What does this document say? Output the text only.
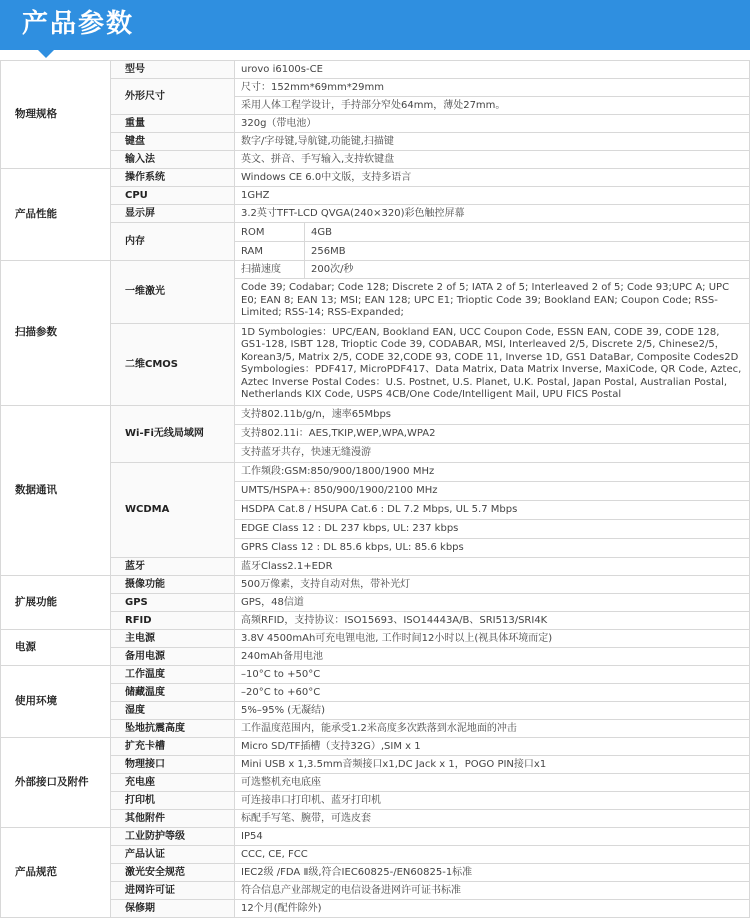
产品参数
物理规格	型号	urovo i6100s-CE	
	外形尺寸	尺寸：152mm*69mm*29mm	
		采用人体工程学设计，手持部分窄处64mm，薄处27mm。	
	重量	320g（带电池）	
	键盘	数字/字母键,导航键,功能键,扫描键	
	输入法	英文、拼音、手写输入,支持软键盘	
产品性能	操作系统	Windows CE 6.0中文版，支持多语言	
	CPU	1GHZ	
	显示屏	3.2英寸TFT-LCD QVGA(240×320)彩色触控屏幕	
	内存	ROM	4GB
		RAM	256MB
扫描参数	一维激光	扫描速度	200次/秒
		Code 39; Codabar; Code 128; Discrete 2 of 5; IATA 2 of 5; Interleaved 2 of 5; Code 93;UPC A; UPC E0; EAN 8; EAN 13; MSI; EAN 128; UPC E1; Trioptic Code 39; Bookland EAN; Coupon Code; RSS-Limited; RSS-14; RSS-Expanded;	
	二维CMOS	1D Symbologies：UPC/EAN, Bookland EAN, UCC Coupon Code, ESSN EAN, CODE 39, CODE 128, GS1-128, ISBT 128, Trioptic Code 39, CODABAR, MSI, Interleaved 2/5, Discrete 2/5, Chinese2/5，Korean3/5, Matrix 2/5, CODE 32,CODE 93, CODE 11, Inverse 1D, GS1 DataBar, Composite Codes2D Symbologies：PDF417, MicroPDF417、Data Matrix, Data Matrix Inverse, MaxiCode, QR Code, Aztec, Aztec Inverse Postal Codes：U.S. Postnet, U.S. Planet, U.K. Postal, Japan Postal, Australian Postal, Netherlands KIX Code, USPS 4CB/One Code/Intelligent Mail, UPU FICS Postal	
数据通讯	Wi-Fi无线局域网	支持802.11b/g/n，速率65Mbps	
		支持802.11i：AES,TKIP,WEP,WPA,WPA2	
		支持蓝牙共存，快速无缝漫游	
	WCDMA	工作频段:GSM:850/900/1800/1900 MHz	
		UMTS/HSPA+: 850/900/1900/2100 MHz	
		HSDPA Cat.8 / HSUPA Cat.6 : DL 7.2 Mbps, UL 5.7 Mbps	
		EDGE Class 12 : DL 237 kbps, UL: 237 kbps	
		GPRS Class 12 : DL 85.6 kbps, UL: 85.6 kbps	
	蓝牙	蓝牙Class2.1+EDR	
扩展功能	摄像功能	500万像素，支持自动对焦，带补光灯	
	GPS	GPS，48信道	
	RFID	高频RFID，支持协议：ISO15693、ISO14443A/B、SRI513/SRI4K	
电源	主电源	3.8V 4500mAh可充电锂电池, 工作时间12小时以上(视具体环境而定)	
	备用电源	240mAh备用电池	
使用环境	工作温度	–10°C to +50°C	
	储藏温度	–20°C to +60°C	
	湿度	5%–95% (无凝结)	
	坠地抗震高度	工作温度范围内，能承受1.2米高度多次跌落到水泥地面的冲击	
外部接口及附件	扩充卡槽	Micro SD/TF插槽（支持32G）,SIM x 1	
	物理接口	Mini USB x 1,3.5mm音频接口x1,DC Jack x 1，POGO PIN接口x1	
	充电座	可选整机充电底座	
	打印机	可连接串口打印机、蓝牙打印机	
	其他附件	标配手写笔、腕带，可选皮套	
产品规范	工业防护等级	IP54	
	产品认证	CCC, CE, FCC	
	激光安全规范	IEC2级 /FDA Ⅱ级,符合IEC60825-/EN60825-1标准	
	进网许可证	符合信息产业部规定的电信设备进网许可证书标准	
	保修期	12个月(配件除外)	
